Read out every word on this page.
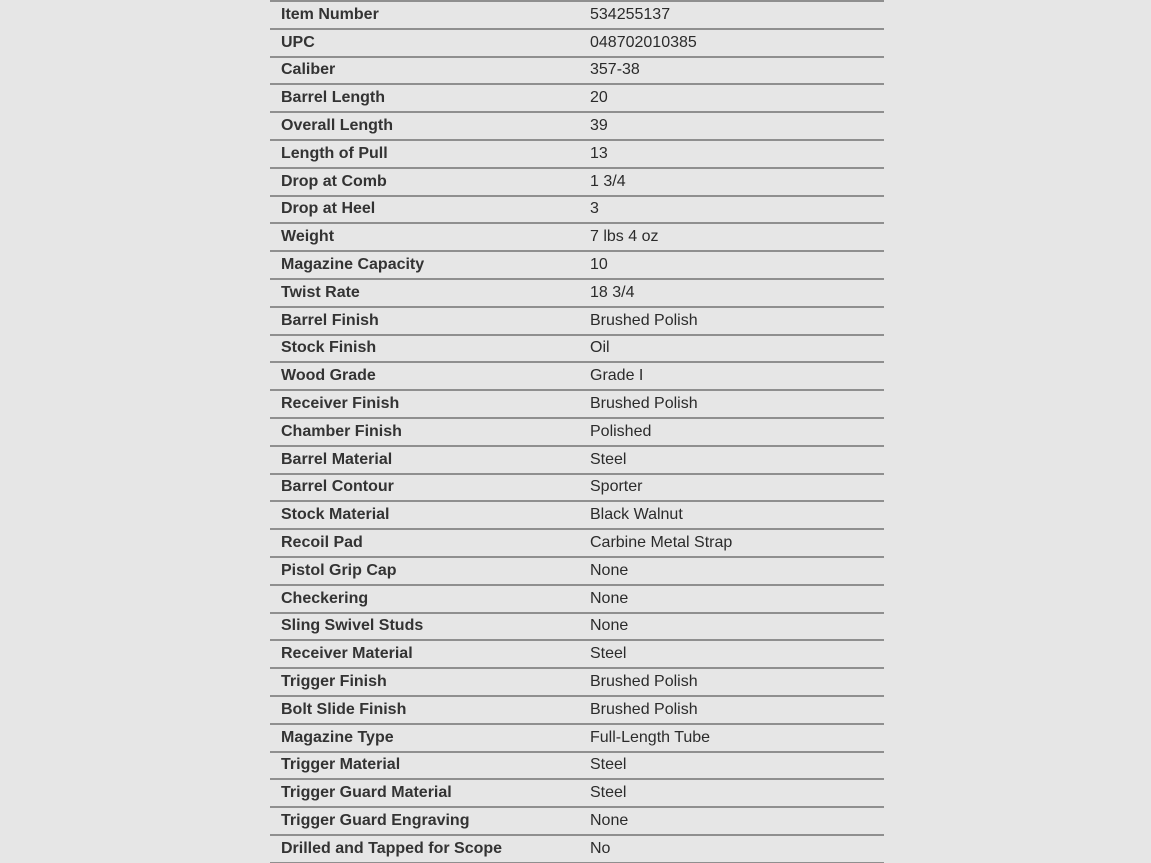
Item Number	534255137
UPC	048702010385
Caliber	357-38
Barrel Length	20
Overall Length	39
Length of Pull	13
Drop at Comb	1 3/4
Drop at Heel	3
Weight	7 lbs 4 oz
Magazine Capacity	10
Twist Rate	18 3/4
Barrel Finish	Brushed Polish
Stock Finish	Oil
Wood Grade	Grade I
Receiver Finish	Brushed Polish
Chamber Finish	Polished
Barrel Material	Steel
Barrel Contour	Sporter
Stock Material	Black Walnut
Recoil Pad	Carbine Metal Strap
Pistol Grip Cap	None
Checkering	None
Sling Swivel Studs	None
Receiver Material	Steel
Trigger Finish	Brushed Polish
Bolt Slide Finish	Brushed Polish
Magazine Type	Full-Length Tube
Trigger Material	Steel
Trigger Guard Material	Steel
Trigger Guard Engraving	None
Drilled and Tapped for Scope	No
